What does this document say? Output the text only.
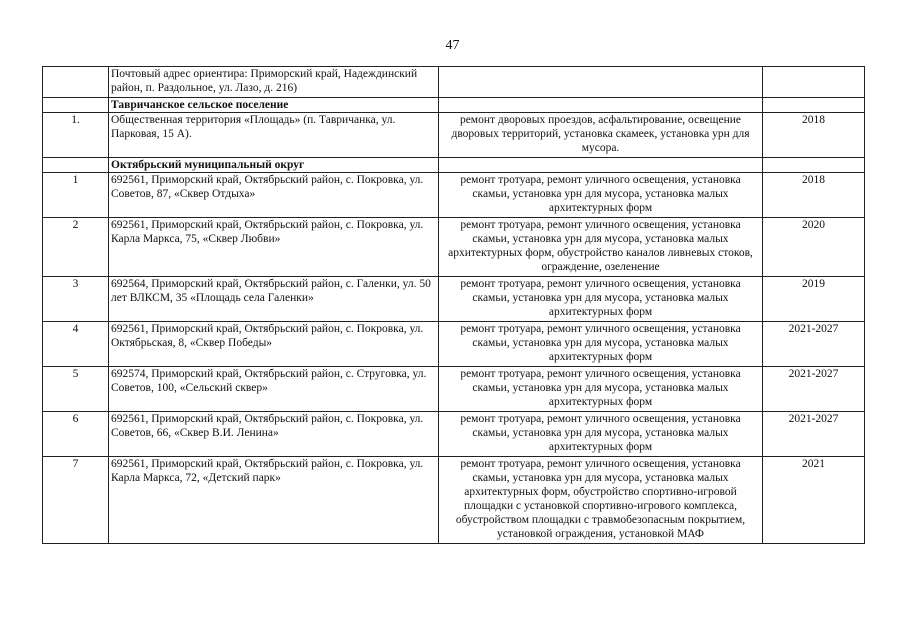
47
	Почтовый адрес ориентира: Приморский край, Надеждинский район, п. Раздольное, ул. Лазо, д. 216)		
	Тавричанское сельское поселение		
1.	Общественная территория «Площадь» (п. Тавричанка, ул. Парковая, 15 А).	ремонт дворовых проездов, асфальтирование, освещение дворовых территорий, установка скамеек, установка урн для мусора.	2018
	Октябрьский муниципальный округ		
1	692561, Приморский край, Октябрьский район, с. Покровка, ул. Советов, 87, «Сквер Отдыха»	ремонт тротуара, ремонт уличного освещения, установка скамьи, установка урн для мусора, установка малых архитектурных форм	2018
2	692561, Приморский край, Октябрьский район, с. Покровка, ул. Карла Маркса, 75, «Сквер Любви»	ремонт тротуара, ремонт уличного освещения, установка скамьи, установка урн для мусора, установка малых архитектурных форм, обустройство каналов ливневых стоков, ограждение, озеленение	2020
3	692564, Приморский край, Октябрьский район, с. Галенки, ул. 50 лет ВЛКСМ, 35 «Площадь села Галенки»	ремонт тротуара, ремонт уличного освещения, установка скамьи, установка урн для мусора, установка малых архитектурных форм	2019
4	692561, Приморский край, Октябрьский район, с. Покровка, ул. Октябрьская, 8, «Сквер Победы»	ремонт тротуара, ремонт уличного освещения, установка скамьи, установка урн для мусора, установка малых архитектурных форм	2021-2027
5	692574, Приморский край, Октябрьский район, с. Струговка, ул. Советов, 100, «Сельский сквер»	ремонт тротуара, ремонт уличного освещения, установка скамьи, установка урн для мусора, установка малых архитектурных форм	2021-2027
6	692561, Приморский край, Октябрьский район, с. Покровка, ул. Советов, 66, «Сквер В.И. Ленина»	ремонт тротуара, ремонт уличного освещения, установка скамьи, установка урн для мусора, установка малых архитектурных форм	2021-2027
7	692561, Приморский край, Октябрьский район, с. Покровка, ул. Карла Маркса, 72, «Детский парк»	ремонт тротуара, ремонт уличного освещения, установка скамьи, установка урн для мусора, установка малых архитектурных форм, обустройство спортивно-игровой площадки с установкой спортивно-игрового комплекса, обустройством площадки с травмобезопасным покрытием, установкой ограждения, установкой МАФ	2021
